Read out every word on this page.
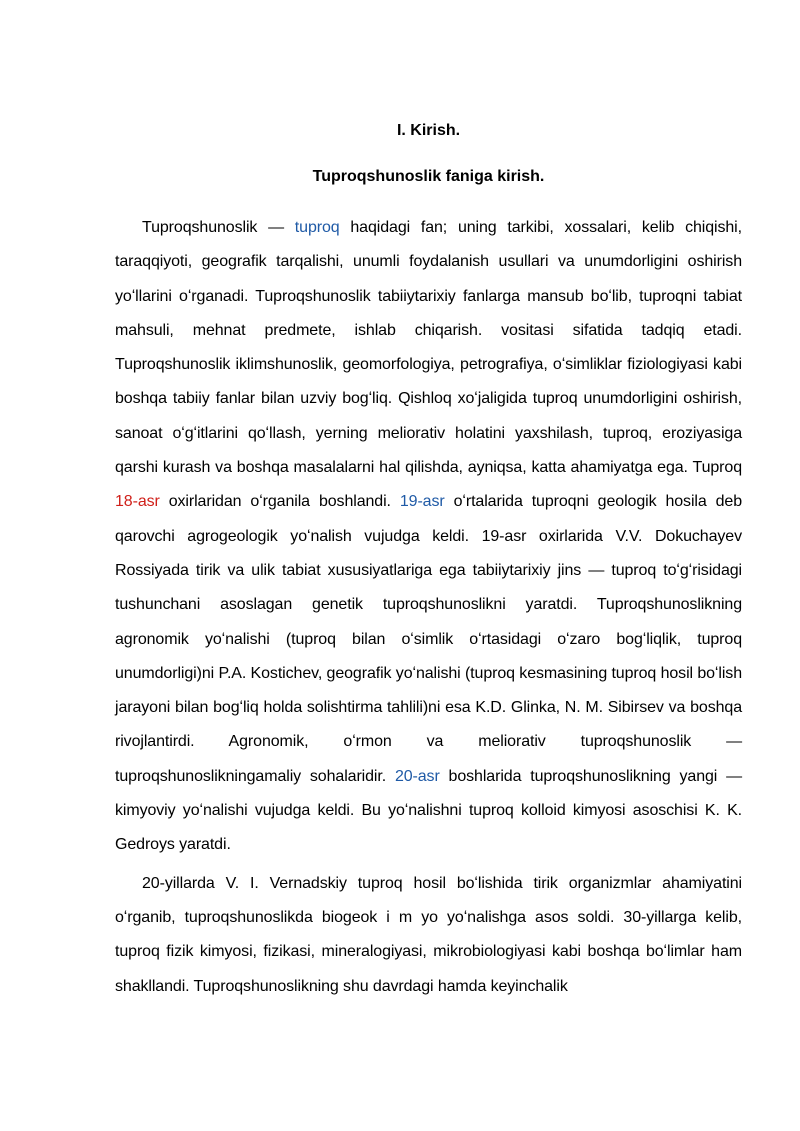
I. Kirish.
Tuproqshunoslik faniga kirish.

Tuproqshunoslik — tuproq haqidagi fan; uning tarkibi, xossalari, kelib chiqishi, taraqqiyoti, geografik tarqalishi, unumli foydalanish usullari va unumdorligini oshirish yoʻllarini oʻrganadi. Tuproqshunoslik tabiiytarixiy fanlarga mansub boʻlib, tuproqni tabiat mahsuli, mehnat predmete, ishlab chiqarish. vositasi sifatida tadqiq etadi. Tuproqshunoslik iklimshunoslik, geomorfologiya, petrografiya, oʻsimliklar fiziologiyasi kabi boshqa tabiiy fanlar bilan uzviy bogʻliq. Qishloq xoʻjaligida tuproq unumdorligini oshirish, sanoat oʻgʻitlarini qoʻllash, yerning meliorativ holatini yaxshilash, tuproq, eroziyasiga qarshi kurash va boshqa masalalarni hal qilishda, ayniqsa, katta ahamiyatga ega. Tuproq 18-asr oxirlaridan oʻrganila boshlandi. 19-asr oʻrtalarida tuproqni geologik hosila deb qarovchi agrogeologik yoʻnalish vujudga keldi. 19-asr oxirlarida V.V. Dokuchayev Rossiyada tirik va ulik tabiat xususiyatlariga ega tabiiytarixiy jins — tuproq toʻgʻrisidagi tushunchani asoslagan genetik tuproqshunoslikni yaratdi. Tuproqshunoslikning agronomik yoʻnalishi (tuproq bilan oʻsimlik oʻrtasidagi oʻzaro bogʻliqlik, tuproq unumdorligi)ni P.A. Kostichev, geografik yoʻnalishi (tuproq kesmasining tuproq hosil boʻlish jarayoni bilan bogʻliq holda solishtirma tahlili)ni esa K.D. Glinka, N. M. Sibirsev va boshqa rivojlantirdi. Agronomik, oʻrmon va meliorativ tuproqshunoslik — tuproqshunoslikningamaliy sohalaridir. 20-asr boshlarida tuproqshunoslikning yangi — kimyoviy yoʻnalishi vujudga keldi. Bu yoʻnalishni tuproq kolloid kimyosi asoschisi K. K. Gedroys yaratdi.

20-yillarda V. I. Vernadskiy tuproq hosil boʻlishida tirik organizmlar ahamiyatini oʻrganib, tuproqshunoslikda biogeok i m yo yoʻnalishga asos soldi. 30-yillarga kelib, tuproq fizik kimyosi, fizikasi, mineralogiyasi, mikrobiologiyasi kabi boshqa boʻlimlar ham shakllandi. Tuproqshunoslikning shu davrdagi hamda keyinchalik
